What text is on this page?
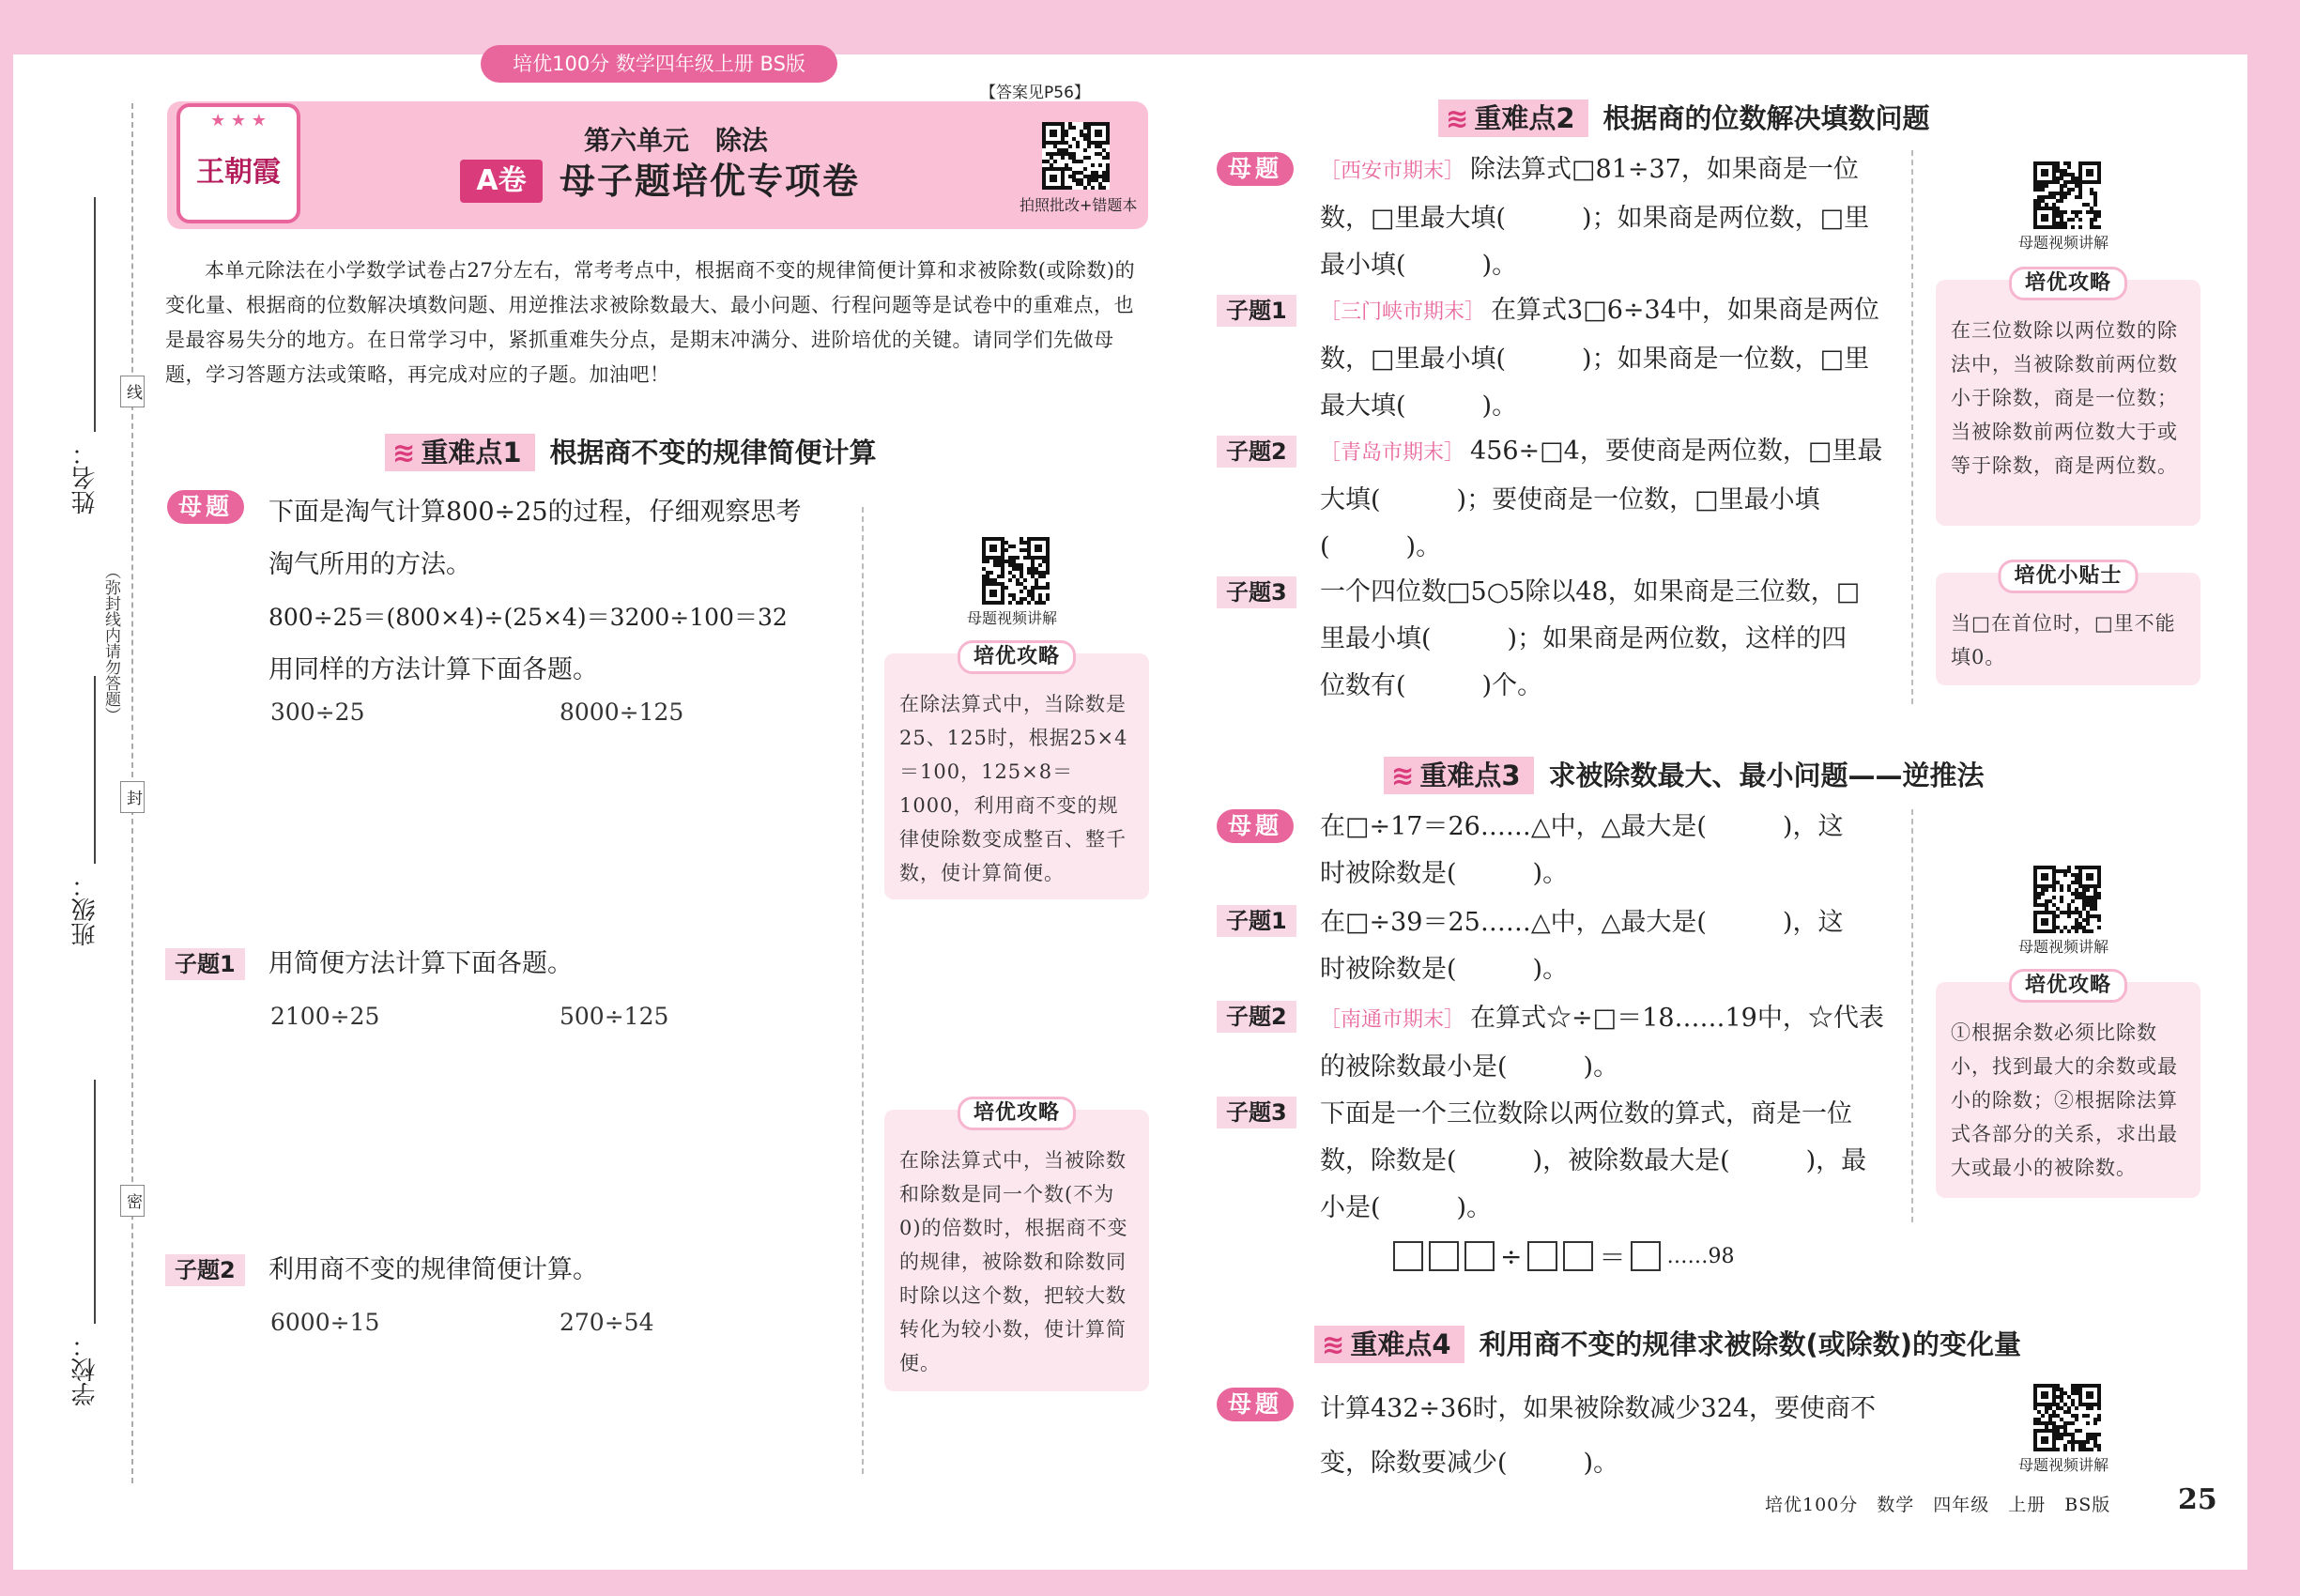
培优100分 数学四年级上册 BS版
姓名：
班级：
学校：
线
封
密
（弥封线内请勿答题）
★ ★ ★
王朝霞
【答案见P56】
第六单元　除法
A卷 母子题培优专项卷
拍照批改+错题本
本单元除法在小学数学试卷占27分左右，常考考点中，根据商不变的规律简便计算和求被除数(或除数)的变化量、根据商的位数解决填数问题、用逆推法求被除数最大、最小问题、行程问题等是试卷中的重难点，也是最容易失分的地方。在日常学习中，紧抓重难失分点，是期末冲满分、进阶培优的关键。请同学们先做母题，学习答题方法或策略，再完成对应的子题。加油吧！
≋ 重难点1 根据商不变的规律简便计算
母题	下面是淘气计算800÷25的过程，仔细观察思考
淘气所用的方法。
800÷25＝(800×4)÷(25×4)＝3200÷100＝32
用同样的方法计算下面各题。
300÷25	8000÷125
子题1	用简便方法计算下面各题。
2100÷25	500÷125
子题2	利用商不变的规律简便计算。
6000÷15	270÷54
母题视频讲解
培优攻略
在除法算式中，当除数是25、125时，根据25×4＝100，125×8＝1000，利用商不变的规律使除数变成整百、整千数，使计算简便。
培优攻略
在除法算式中，当被除数和除数是同一个数(不为0)的倍数时，根据商不变的规律，被除数和除数同时除以这个数，把较大数转化为较小数，使计算简便。
≋ 重难点2 根据商的位数解决填数问题
母题	［西安市期末］ 除法算式□81÷37，如果商是一位
数，□里最大填(　　　)；如果商是两位数，□里
最小填(　　　)。
子题1	［三门峡市期末］ 在算式3□6÷34中，如果商是两位
数，□里最小填(　　　)；如果商是一位数，□里
最大填(　　　)。
子题2	［青岛市期末］ 456÷□4，要使商是两位数，□里最
大填(　　　)；要使商是一位数，□里最小填
(　　　)。
子题3	一个四位数□5○5除以48，如果商是三位数，□
里最小填(　　　)；如果商是两位数，这样的四
位数有(　　　)个。
母题视频讲解
培优攻略
在三位数除以两位数的除法中，当被除数前两位数小于除数，商是一位数；当被除数前两位数大于或等于除数，商是两位数。
培优小贴士
当□在首位时，□里不能填0。
≋ 重难点3 求被除数最大、最小问题——逆推法
母题	在□÷17＝26……△中，△最大是(　　　)，这
时被除数是(　　　)。
子题1	在□÷39＝25……△中，△最大是(　　　)，这
时被除数是(　　　)。
子题2	［南通市期末］ 在算式☆÷□＝18……19中，☆代表
的被除数最小是(　　　)。
子题3	下面是一个三位数除以两位数的算式，商是一位
数，除数是(　　　)，被除数最大是(　　　)，最
小是(　　　)。
÷	＝ ……98
母题视频讲解
培优攻略
①根据余数必须比除数小，找到最大的余数或最小的除数；②根据除法算式各部分的关系，求出最大或最小的被除数。
≋ 重难点4 利用商不变的规律求被除数(或除数)的变化量
母题	计算432÷36时，如果被除数减少324，要使商不
变，除数要减少(　　　)。	母题视频讲解
培优100分　数学　四年级　上册　BS版 25
